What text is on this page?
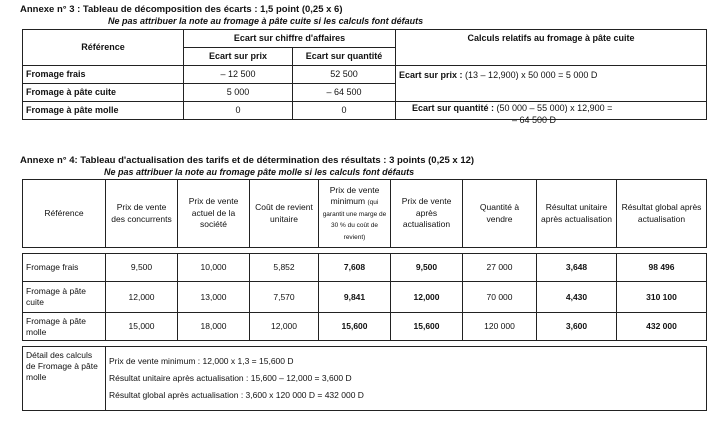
Annexe n° 3 : Tableau de décomposition des écarts : 1,5 point (0,25 x 6)
Ne pas attribuer la note au fromage à pâte cuite si les calculs font défauts
Référence	Ecart sur chiffre d'affaires		Calculs relatifs au fromage à pâte cuite
	Ecart sur prix	Ecart sur quantité	
Fromage frais	– 12 500	52 500	Ecart sur prix : (13 – 12,900) x 50 000 = 5 000 D
Fromage à pâte cuite	5 000	– 64 500	
Fromage à pâte molle	0	0		Ecart sur quantité : (50 000 – 55 000) x 12,900 =
– 64 500 D
Annexe n° 4: Tableau d'actualisation des tarifs et de détermination des résultats : 3 points (0,25 x 12)
Ne pas attribuer la note au fromage pâte molle si les calculs font défauts
Référence	Prix de vente des concurrents	Prix de vente actuel de la société	Coût de revient unitaire	Prix de vente minimum (qui garantit une marge de 30 % du coût de revient)	Prix de vente après actualisation	Quantité à vendre	Résultat unitaire après actualisation	Résultat global après actualisation

Fromage frais	9,500	10,000	5,852	7,608	9,500	27 000	3,648	98 496
Fromage à pâte cuite	12,000	13,000	7,570	9,841	12,000	70 000	4,430	310 100
Fromage à pâte molle	15,000	18,000	12,000	15,600	15,600	120 000	3,600	432 000

Détail des calculs de Fromage à pâte molle	Prix de vente minimum : 12,000 x 1,3 = 15,600 D
Résultat unitaire après actualisation : 15,600 – 12,000 = 3,600 D
Résultat global après actualisation : 3,600 x 120 000 D = 432 000 D							
